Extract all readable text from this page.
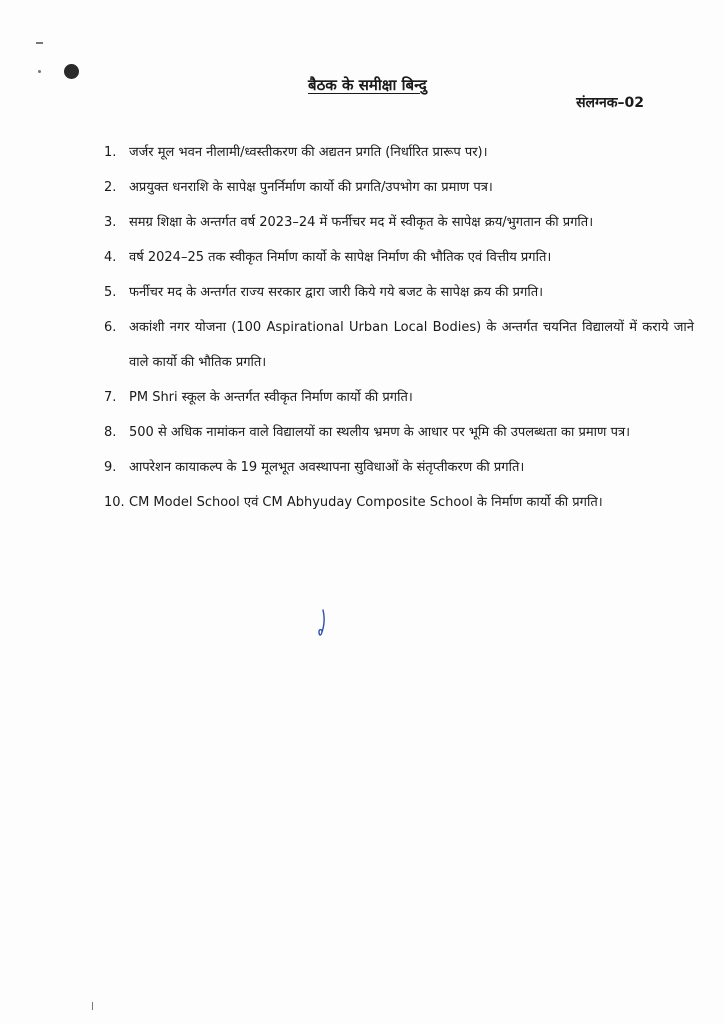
बैठक के समीक्षा बिन्दु
संलग्नक–02
1. जर्जर मूल भवन नीलामी/ध्वस्तीकरण की अद्यतन प्रगति (निर्धारित प्रारूप पर)।
2. अप्रयुक्त धनराशि के सापेक्ष पुनर्निर्माण कार्यो की प्रगति/उपभोग का प्रमाण पत्र।
3. समग्र शिक्षा के अन्तर्गत वर्ष 2023–24 में फर्नीचर मद में स्वीकृत के सापेक्ष क्रय/भुगतान की प्रगति।
4. वर्ष 2024–25 तक स्वीकृत निर्माण कार्यो के सापेक्ष निर्माण की भौतिक एवं वित्तीय प्रगति।
5. फर्नीचर मद के अन्तर्गत राज्य सरकार द्वारा जारी किये गये बजट के सापेक्ष क्रय की प्रगति।
6. अकांशी नगर योजना (100 Aspirational Urban Local Bodies) के अन्तर्गत चयनित विद्यालयों में कराये जाने वाले कार्यो की भौतिक प्रगति।
7. PM Shri स्कूल के अन्तर्गत स्वीकृत निर्माण कार्यो की प्रगति।
8. 500 से अधिक नामांकन वाले विद्यालयों का स्थलीय भ्रमण के आधार पर भूमि की उपलब्धता का प्रमाण पत्र।
9. आपरेशन कायाकल्प के 19 मूलभूत अवस्थापना सुविधाओं के संतृप्तीकरण की प्रगति।
10. CM Model School एवं CM Abhyuday Composite School के निर्माण कार्यो की प्रगति।
